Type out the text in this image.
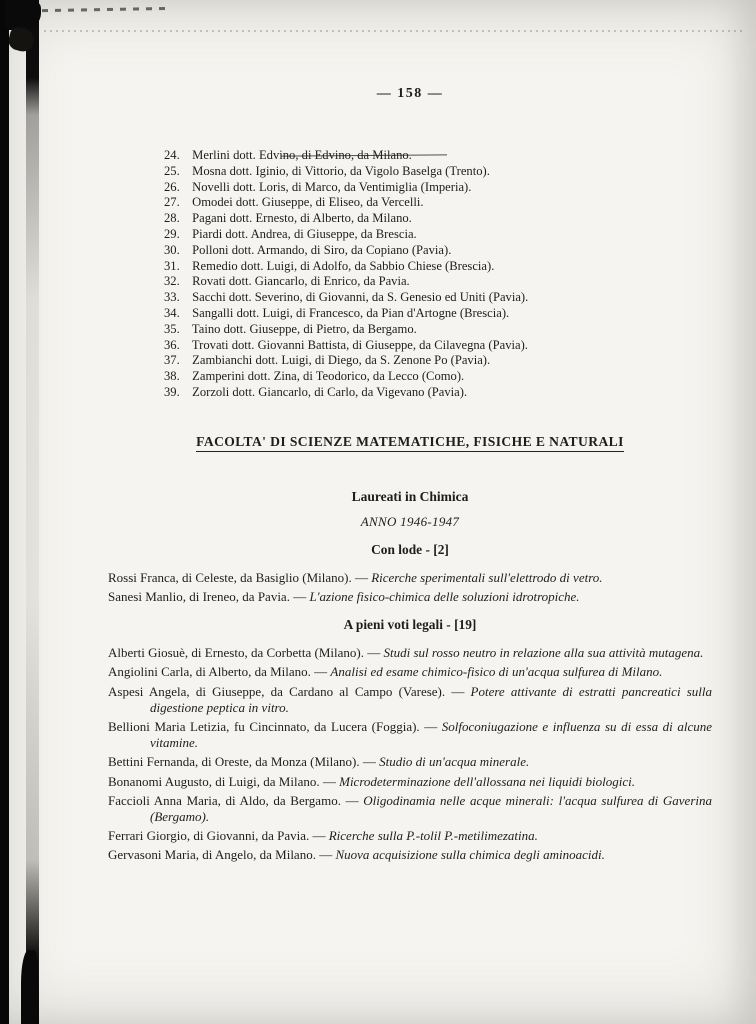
— 158 —
24. Merlini dott. Edvino, di Edvino, da Milano.
25. Mosna dott. Iginio, di Vittorio, da Vigolo Baselga (Trento).
26. Novelli dott. Loris, di Marco, da Ventimiglia (Imperia).
27. Omodei dott. Giuseppe, di Eliseo, da Vercelli.
28. Pagani dott. Ernesto, di Alberto, da Milano.
29. Piardi dott. Andrea, di Giuseppe, da Brescia.
30. Polloni dott. Armando, di Siro, da Copiano (Pavia).
31. Remedio dott. Luigi, di Adolfo, da Sabbio Chiese (Brescia).
32. Rovati dott. Giancarlo, di Enrico, da Pavia.
33. Sacchi dott. Severino, di Giovanni, da S. Genesio ed Uniti (Pavia).
34. Sangalli dott. Luigi, di Francesco, da Pian d'Artogne (Brescia).
35. Taino dott. Giuseppe, di Pietro, da Bergamo.
36. Trovati dott. Giovanni Battista, di Giuseppe, da Cilavegna (Pavia).
37. Zambianchi dott. Luigi, di Diego, da S. Zenone Po (Pavia).
38. Zamperini dott. Zina, di Teodorico, da Lecco (Como).
39. Zorzoli dott. Giancarlo, di Carlo, da Vigevano (Pavia).
FACOLTA' DI SCIENZE MATEMATICHE, FISICHE E NATURALI
Laureati in Chimica
ANNO 1946-1947
Con lode - [2]

Rossi Franca, di Celeste, da Basiglio (Milano). — Ricerche sperimentali sull'elettrodo di vetro.

Sanesi Manlio, di Ireneo, da Pavia. — L'azione fisico-chimica delle soluzioni idrotropiche.

A pieni voti legali - [19]

Alberti Giosuè, di Ernesto, da Corbetta (Milano). — Studi sul rosso neutro in relazione alla sua attività mutagena.

Angiolini Carla, di Alberto, da Milano. — Analisi ed esame chimico-fisico di un'acqua sulfurea di Milano.

Aspesi Angela, di Giuseppe, da Cardano al Campo (Varese). — Potere attivante di estratti pancreatici sulla digestione peptica in vitro.

Bellioni Maria Letizia, fu Cincinnato, da Lucera (Foggia). — Solfoconiugazione e influenza su di essa di alcune vitamine.

Bettini Fernanda, di Oreste, da Monza (Milano). — Studio di un'acqua minerale.

Bonanomi Augusto, di Luigi, da Milano. — Microdeterminazione dell'allossana nei liquidi biologici.

Faccioli Anna Maria, di Aldo, da Bergamo. — Oligodinamia nelle acque minerali: l'acqua sulfurea di Gaverina (Bergamo).

Ferrari Giorgio, di Giovanni, da Pavia. — Ricerche sulla P.-tolil P.-metilimezatina.

Gervasoni Maria, di Angelo, da Milano. — Nuova acquisizione sulla chimica degli aminoacidi.
